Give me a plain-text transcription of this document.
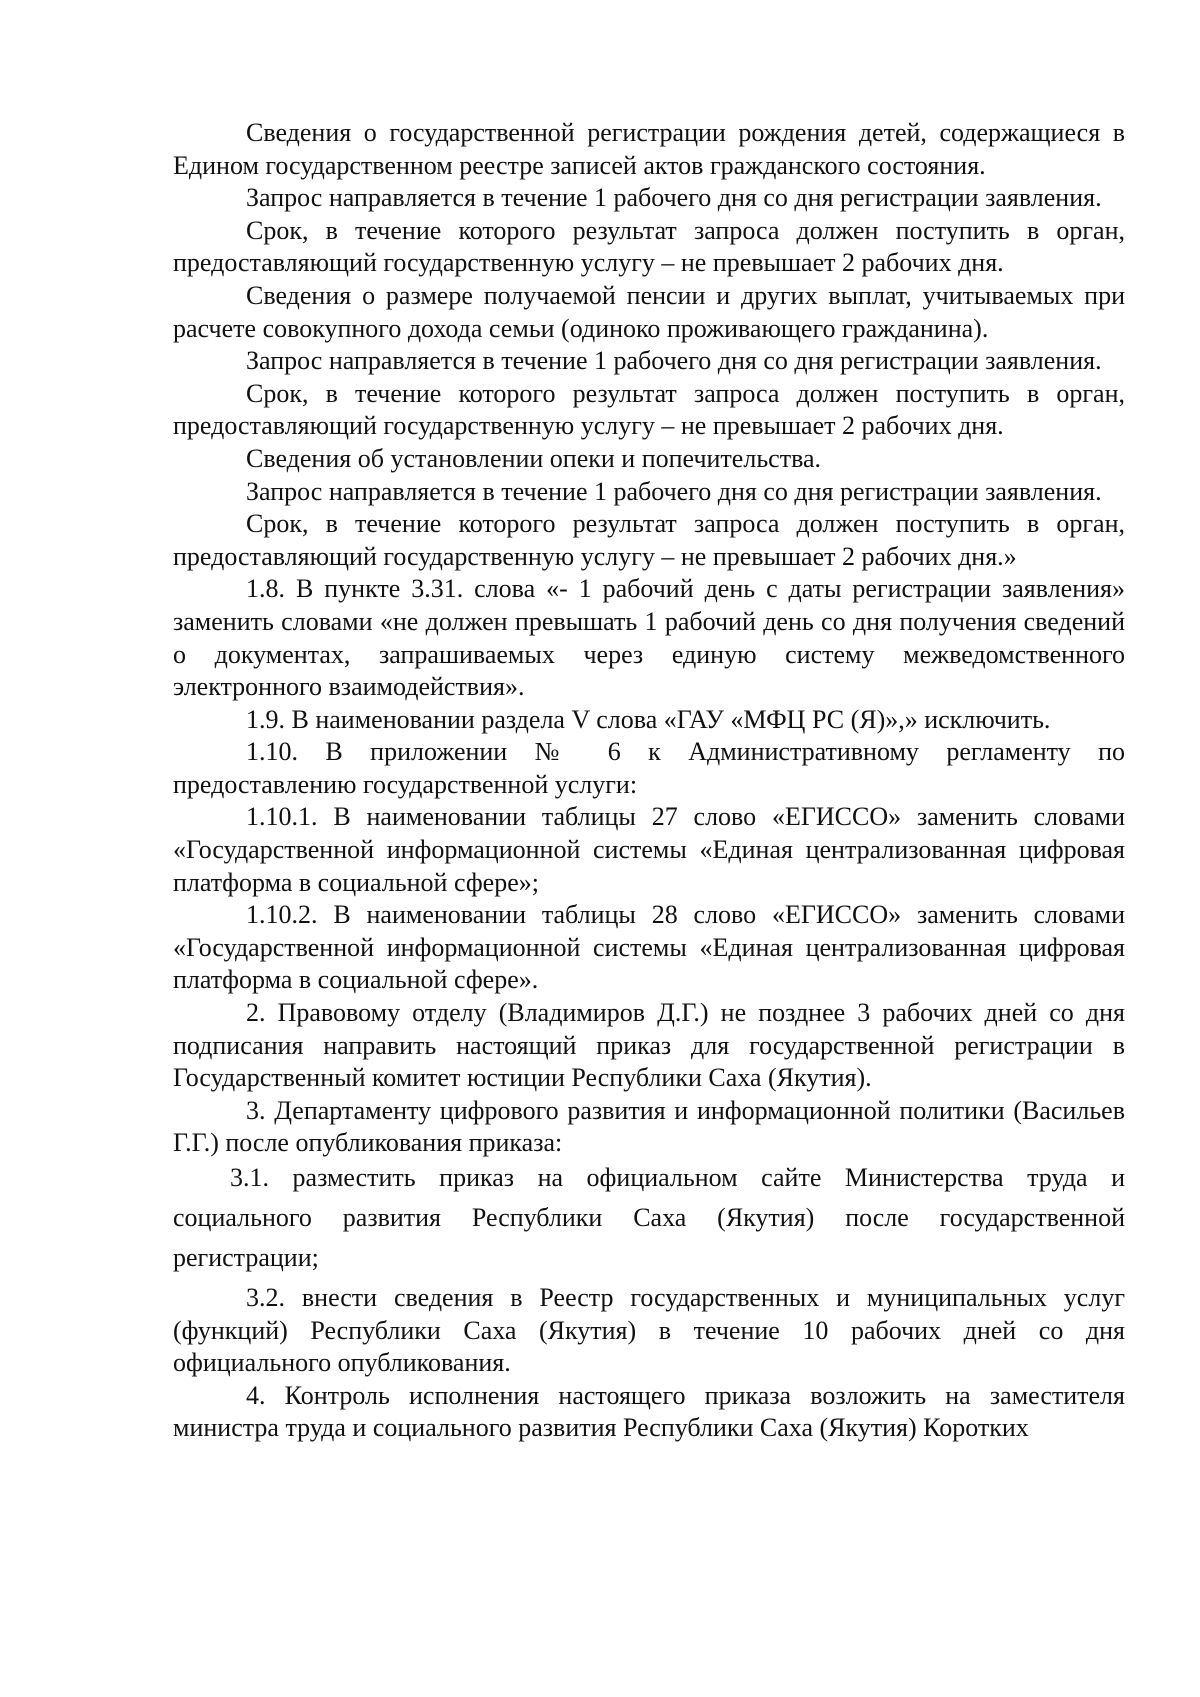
Сведения о государственной регистрации рождения детей, содержащиеся в Едином государственном реестре записей актов гражданского состояния.

Запрос направляется в течение 1 рабочего дня со дня регистрации заявления.

Срок, в течение которого результат запроса должен поступить в орган, предоставляющий государственную услугу – не превышает 2 рабочих дня.

Сведения о размере получаемой пенсии и других выплат, учитываемых при расчете совокупного дохода семьи (одиноко проживающего гражданина).

Запрос направляется в течение 1 рабочего дня со дня регистрации заявления.

Срок, в течение которого результат запроса должен поступить в орган, предоставляющий государственную услугу – не превышает 2 рабочих дня.

Сведения об установлении опеки и попечительства.

Запрос направляется в течение 1 рабочего дня со дня регистрации заявления.

Срок, в течение которого результат запроса должен поступить в орган, предоставляющий государственную услугу – не превышает 2 рабочих дня.»

1.8. В пункте 3.31. слова «- 1 рабочий день с даты регистрации заявления» заменить словами «не должен превышать 1 рабочий день со дня получения сведений о документах, запрашиваемых через единую систему межведомственного электронного взаимодействия».

1.9. В наименовании раздела V слова «ГАУ «МФЦ РС (Я)»,» исключить.

1.10. В приложении № 6 к Административному регламенту по предоставлению государственной услуги:

1.10.1. В наименовании таблицы 27 слово «ЕГИССО» заменить словами «Государственной информационной системы «Единая централизованная цифровая платформа в социальной сфере»;

1.10.2. В наименовании таблицы 28 слово «ЕГИССО» заменить словами «Государственной информационной системы «Единая централизованная цифровая платформа в социальной сфере».

2. Правовому отделу (Владимиров Д.Г.) не позднее 3 рабочих дней со дня подписания направить настоящий приказ для государственной регистрации в Государственный комитет юстиции Республики Саха (Якутия).

3. Департаменту цифрового развития и информационной политики (Васильев Г.Г.) после опубликования приказа:

3.1. разместить приказ на официальном сайте Министерства труда и социального развития Республики Саха (Якутия) после государственной регистрации;

3.2. внести сведения в Реестр государственных и муниципальных услуг (функций) Республики Саха (Якутия) в течение 10 рабочих дней со дня официального опубликования.

4. Контроль исполнения настоящего приказа возложить на заместителя министра труда и социального развития Республики Саха (Якутия) Коротких
